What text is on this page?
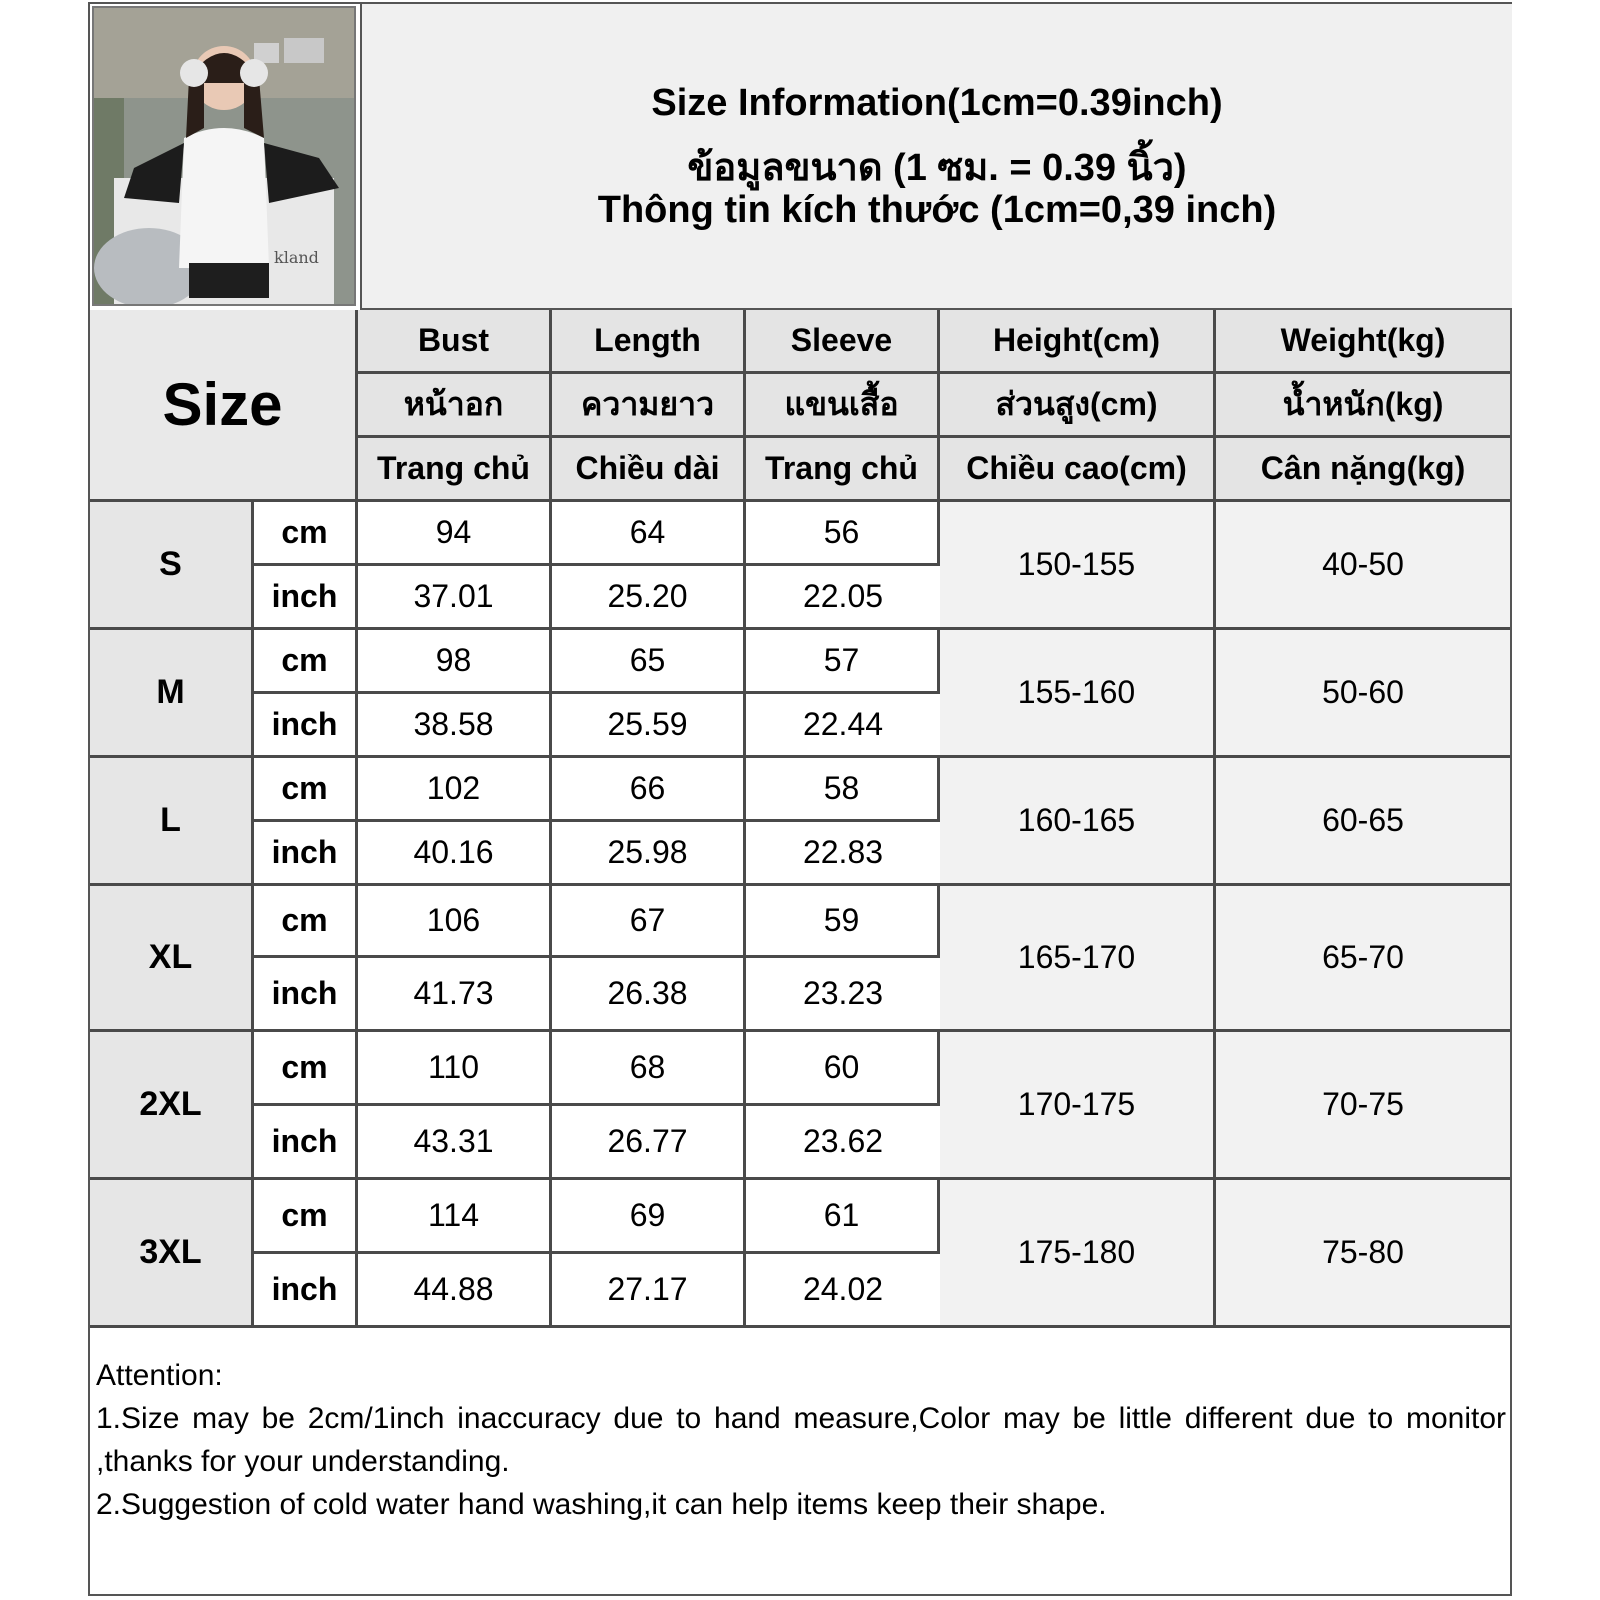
kland
Size Information(1cm=0.39inch)
ข้อมูลขนาด (1 ซม. = 0.39 นิ้ว)
Thông tin kích thước (1cm=0,39 inch)
Size		Bust	Length	Sleeve	Height(cm)	Weight(kg)
		หน้าอก	ความยาว	แขนเสื้อ	ส่วนสูง(cm)	น้ำหนัก(kg)
		Trang chủ	Chiều dài	Trang chủ	Chiều cao(cm)	Cân nặng(kg)
S	cm	94	64	56	150-155	40-50
	inch	37.01	25.20	22.05		
M	cm	98	65	57	155-160	50-60
	inch	38.58	25.59	22.44		
L	cm	102	66	58	160-165	60-65
	inch	40.16	25.98	22.83		
XL	cm	106	67	59	165-170	65-70
	inch	41.73	26.38	23.23		
2XL	cm	110	68	60	170-175	70-75
	inch	43.31	26.77	23.62		
3XL	cm	114	69	61	175-180	75-80
	inch	44.88	27.17	24.02		
Attention:
1.Size may be 2cm/1inch inaccuracy due to hand measure,Color may be little different due to monitor ,thanks for your understanding.
2.Suggestion of cold water hand washing,it can help items keep their shape.
